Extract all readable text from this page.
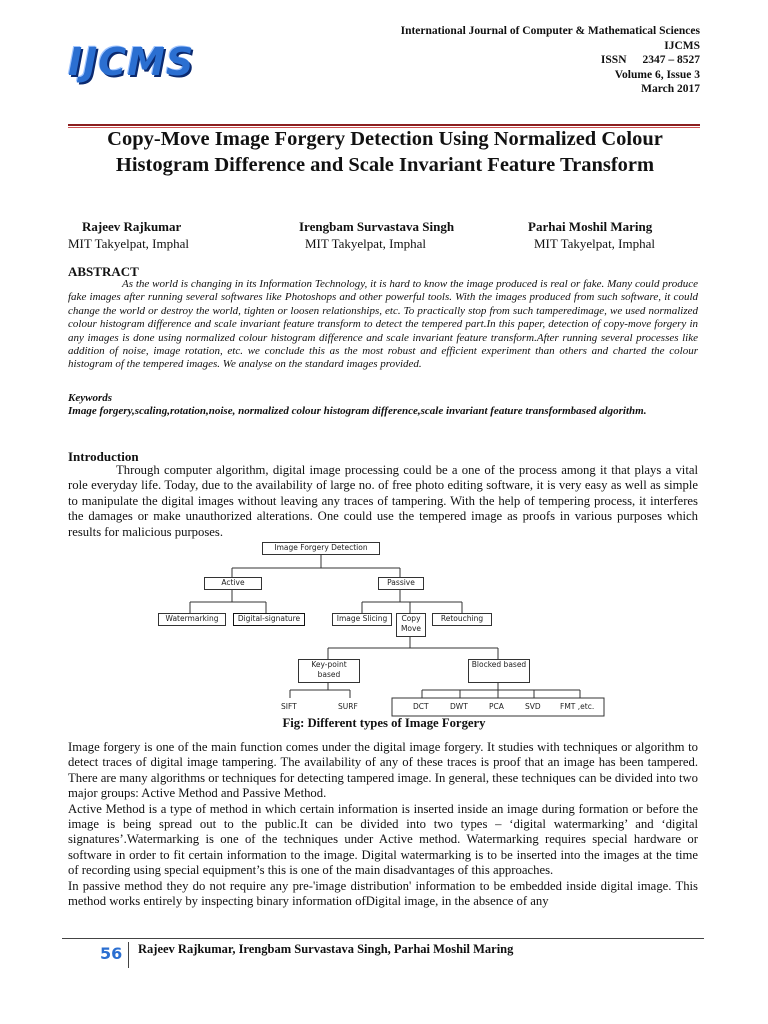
IJCMS
International Journal of Computer & Mathematical Sciences
IJCMS
ISSN 2347 – 8527
Volume 6, Issue 3
March 2017
Copy-Move Image Forgery Detection Using Normalized Colour Histogram Difference and Scale Invariant Feature Transform
Rajeev Rajkumar
MIT Takyelpat, Imphal
Irengbam Survastava Singh
MIT Takyelpat, Imphal
Parhai Moshil Maring
MIT Takyelpat, Imphal
ABSTRACT

As the world is changing in its Information Technology, it is hard to know the image produced is real or fake. Many could produce fake images after running several softwares like Photoshops and other powerful tools. With the images produced from such software, it could change the world or destroy the world, tighten or loosen relationships, etc. To practically stop from such tamperedimage, we used normalized colour histogram difference and scale invariant feature transform to detect the tempered part.In this paper, detection of copy-move forgery in any images is done using normalized colour histogram difference and scale invariant feature transform.After running several processes like addition of noise, image rotation, etc. we conclude this as the most robust and efficient experiment than others and charted the colour histogram of the tempered images. We analyse on the standard images provided.

Keywords

Image forgery,scaling,rotation,noise, normalized colour histogram difference,scale invariant feature transformbased algorithm.

Introduction

Through computer algorithm, digital image processing could be a one of the process among it that plays a vital role everyday life. Today, due to the availability of large no. of free photo editing software, it is very easy as well as simple to manipulate the digital images without leaving any traces of tampering. With the help of tempering process, it interferes the damages or make unauthorized alterations. One could use the tempered image as proofs in various purposes which results for malicious purposes.

Image Forgery Detection
Active	Passive
Watermarking	Digital-signature	Image Slicing	Copy Move
Retouching
Key-point based
Blocked based
SIFT	SURF	DCT	DWT	PCA	SVD	FMT ,etc.
Fig: Different types of Image Forgery

Image forgery is one of the main function comes under the digital image forgery. It studies with techniques or algorithm to detect traces of digital image tampering. The availability of any of these traces is proof that an image has been tampered. There are many algorithms or techniques for detecting tampered image. In general, these techniques can be divided into two major groups: Active Method and Passive Method.

Active Method is a type of method in which certain information is inserted inside an image during formation or before the image is being spread out to the public.It can be divided into two types – ‘digital watermarking’ and ‘digital signatures’.Watermarking is one of the techniques under Active method. Watermarking requires special hardware or software in order to fit certain information to the image. Digital watermarking is to be inserted into the images at the time of recording using special equipment’s this is one of the main disadvantages of this approaches.

In passive method they do not require any pre-'image distribution' information to be embedded inside digital image. This method works entirely by inspecting binary information ofDigital image, in the absence of any

56 Rajeev Rajkumar, Irengbam Survastava Singh, Parhai Moshil Maring
